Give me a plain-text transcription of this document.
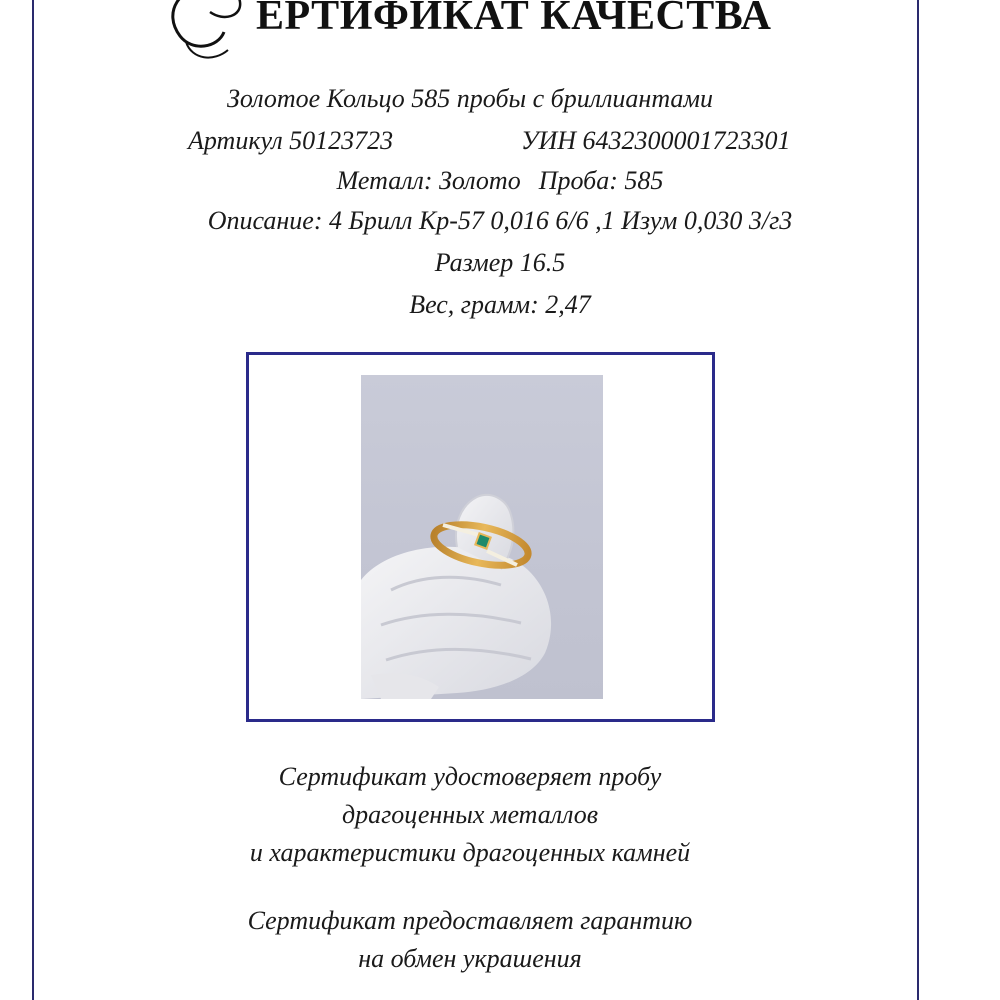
ЕРТИФИКАТ КАЧЕСТВА

Золотое Кольцо 585 пробы с бриллиантами

Артикул 50123723	УИН 6432300001723301

Металл: Золото Проба: 585

Описание: 4 Брилл Кр-57 0,016 6/6 ,1 Изум 0,030 3/г3

Размер 16.5

Вес, грамм: 2,47

Сертификат удостоверяет пробу
драгоценных металлов
и характеристики драгоценных камней
Сертификат предоставляет гарантию
на обмен украшения
